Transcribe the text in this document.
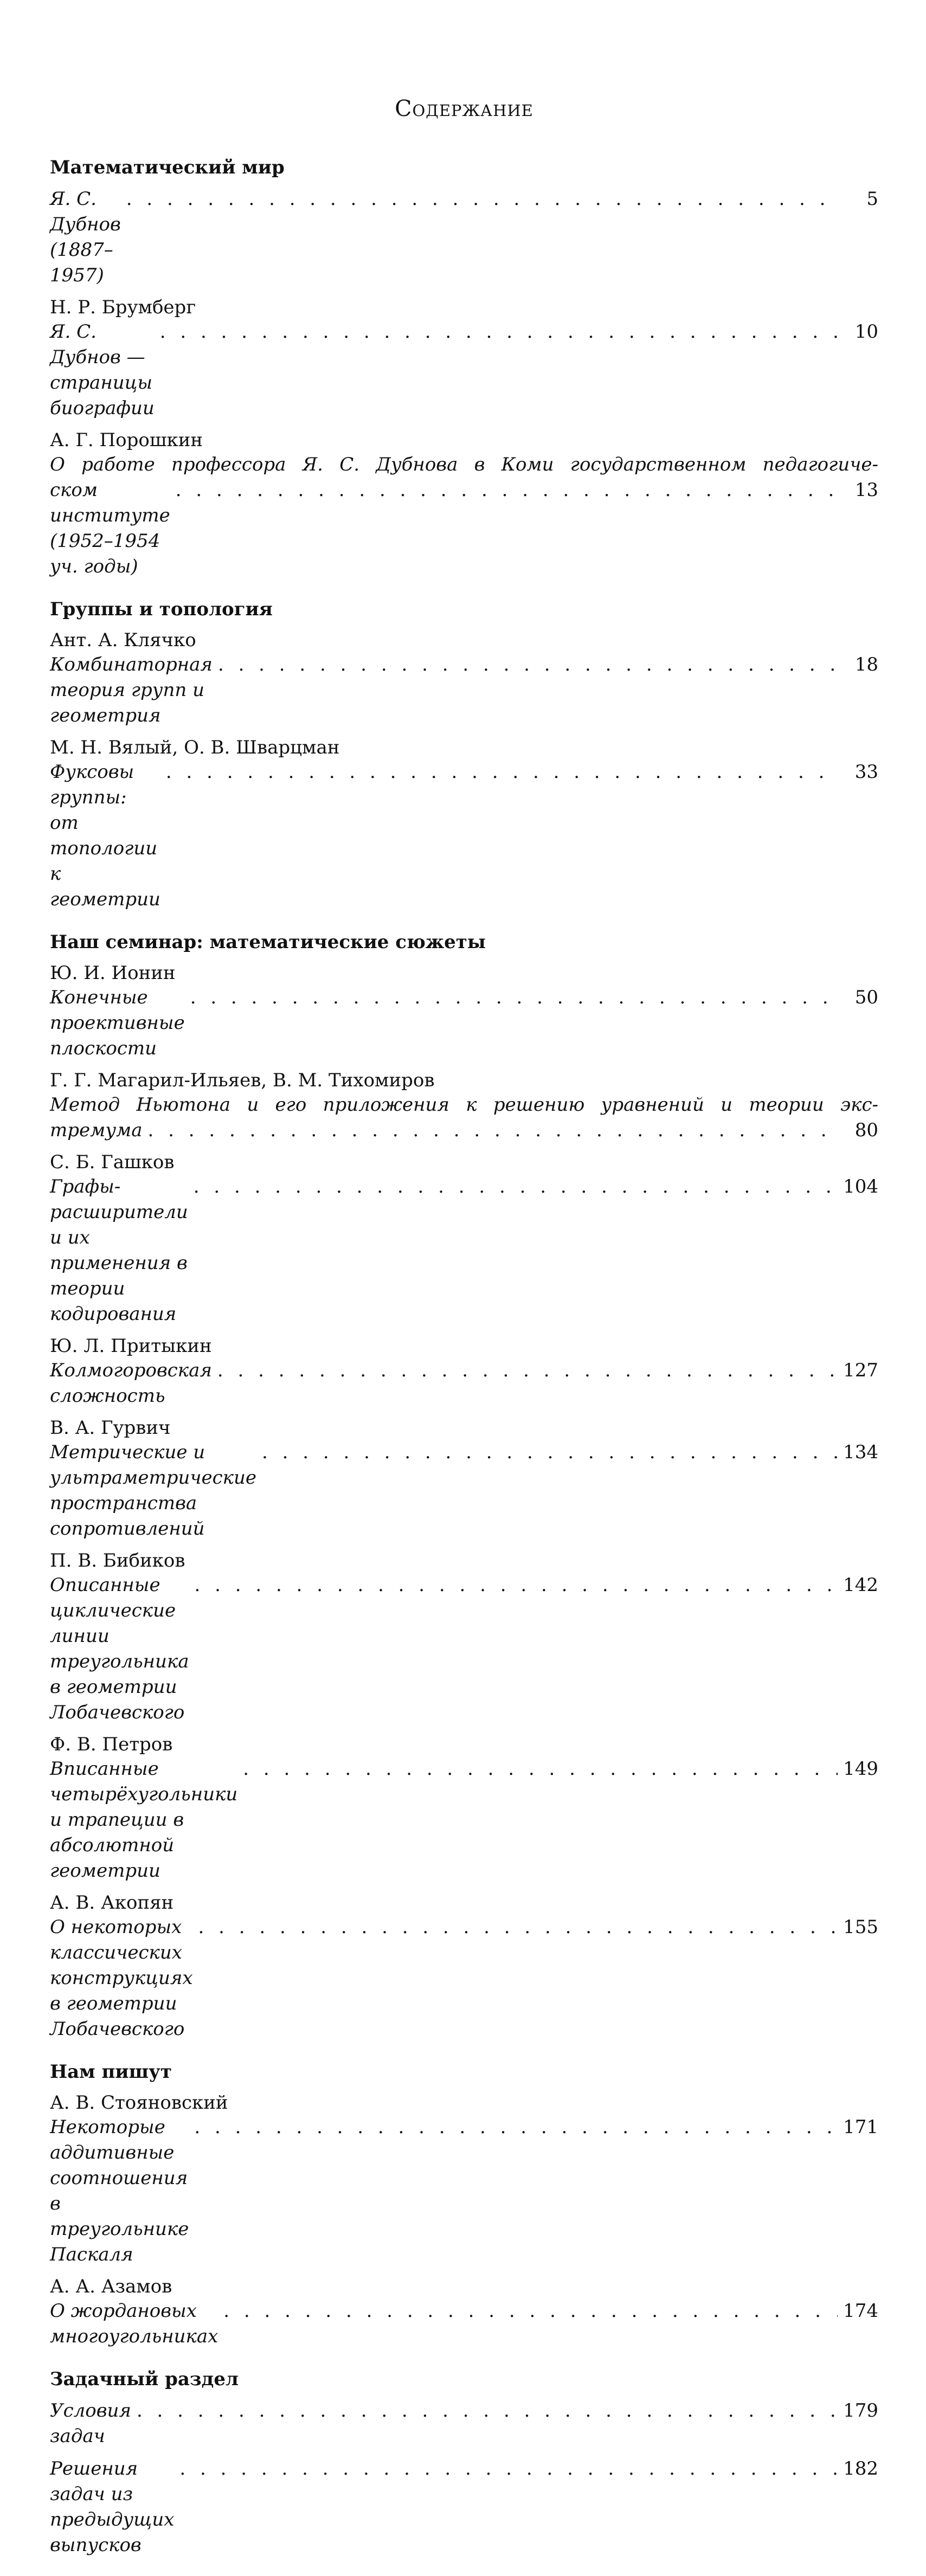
Содержание
Математический мир
Я. С. Дубнов (1887–1957)
. . .
5
Н. Р. Брумберг
Я. С. Дубнов — страницы биографии
. . .
10
А. Г. Порошкин
О работе профессора Я. С. Дубнова в Коми государственном педагогиче-
ском институте (1952–1954 уч. годы)
. . .
13
Группы и топология
Ант. А. Клячко
Комбинаторная теория групп и геометрия
. . .
18
М. Н. Вялый, О. В. Шварцман
Фуксовы группы: от топологии к геометрии
. . .
33
Наш семинар: математические сюжеты
Ю. И. Ионин
Конечные проективные плоскости
. . .
50
Г. Г. Магарил-Ильяев, В. М. Тихомиров
Метод Ньютона и его приложения к решению уравнений и теории экс-
тремума
. . .	80
С. Б. Гашков
Графы-расширители и их применения в теории кодирования
. . .
104
Ю. Л. Притыкин
Колмогоровская сложность
. . .
127
В. А. Гурвич
Метрические и ультраметрические пространства сопротивлений
. . .
134
П. В. Бибиков
Описанные циклические линии треугольника в геометрии Лобачевского
. . .
142
Ф. В. Петров
Вписанные четырёхугольники и трапеции в абсолютной геометрии
. . .
149
А. В. Акопян
О некоторых классических конструкциях в геометрии Лобачевского
. . .
155
Нам пишут
А. В. Стояновский
Некоторые аддитивные соотношения в треугольнике Паскаля
. . .
171
А. А. Азамов
О жордановых многоугольниках
. . .
174
Задачный раздел
Условия задач
. . .
179
Решения задач из предыдущих выпусков
. . .
182
